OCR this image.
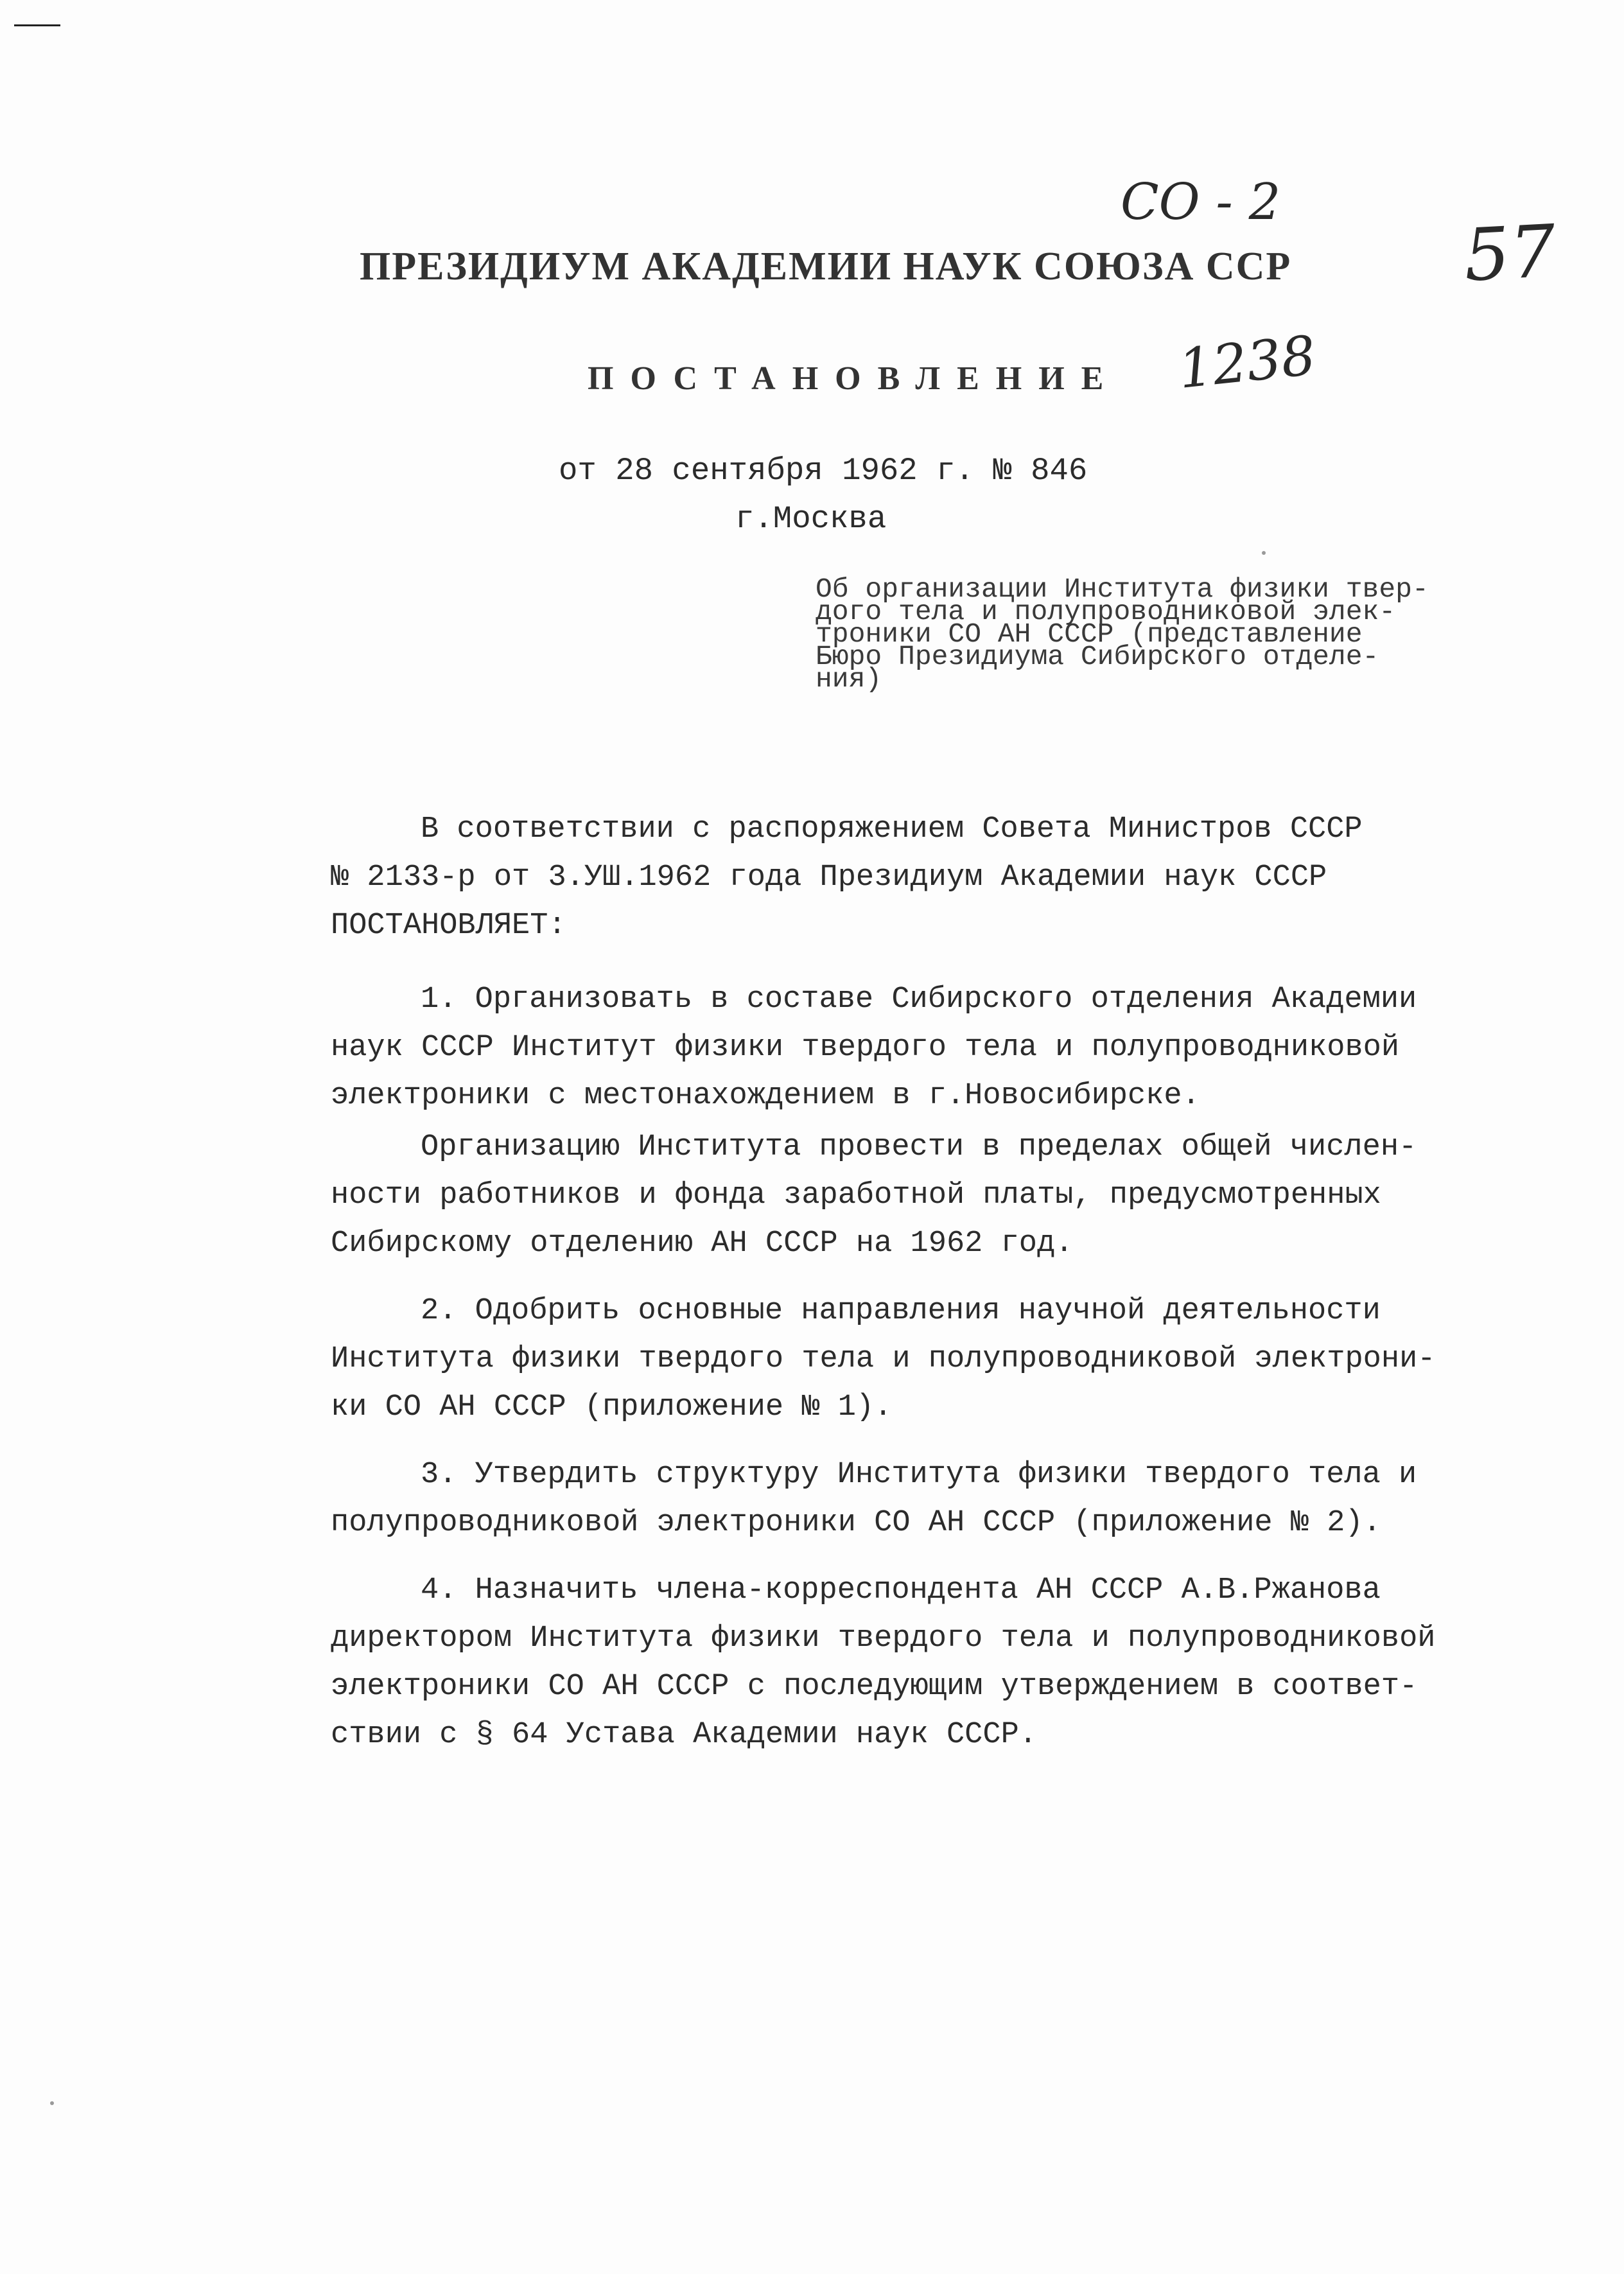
СО - 2
57
1238
ПРЕЗИДИУМ АКАДЕМИИ НАУК СОЮЗА ССР
ПОСТАНОВЛЕНИЕ
от 28 сентября 1962 г. № 846
г.Москва
Об организации Института физики твер-
дого тела и полупроводниковой элек-
троники СО АН СССР (представление
Бюро Президиума Сибирского отделе-
ния)
В соответствии с распоряжением Совета Министров СССР
№ 2133-р от 3.УШ.1962 года Президиум Академии наук СССР
ПОСТАНОВЛЯЕТ:
1. Организовать в составе Сибирского отделения Академии
наук СССР Институт физики твердого тела и полупроводниковой
электроники с местонахождением в г.Новосибирске.
Организацию Института провести в пределах общей числен-
ности работников и фонда заработной платы, предусмотренных
Сибирскому отделению АН СССР на 1962 год.
2. Одобрить основные направления научной деятельности
Института физики твердого тела и полупроводниковой электрони-
ки СО АН СССР (приложение № 1).
3. Утвердить структуру Института физики твердого тела и
полупроводниковой электроники СО АН СССР (приложение № 2).
4. Назначить члена-корреспондента АН СССР А.В.Ржанова
директором Института физики твердого тела и полупроводниковой
электроники СО АН СССР с последующим утверждением в соответ-
ствии с § 64 Устава Академии наук СССР.
